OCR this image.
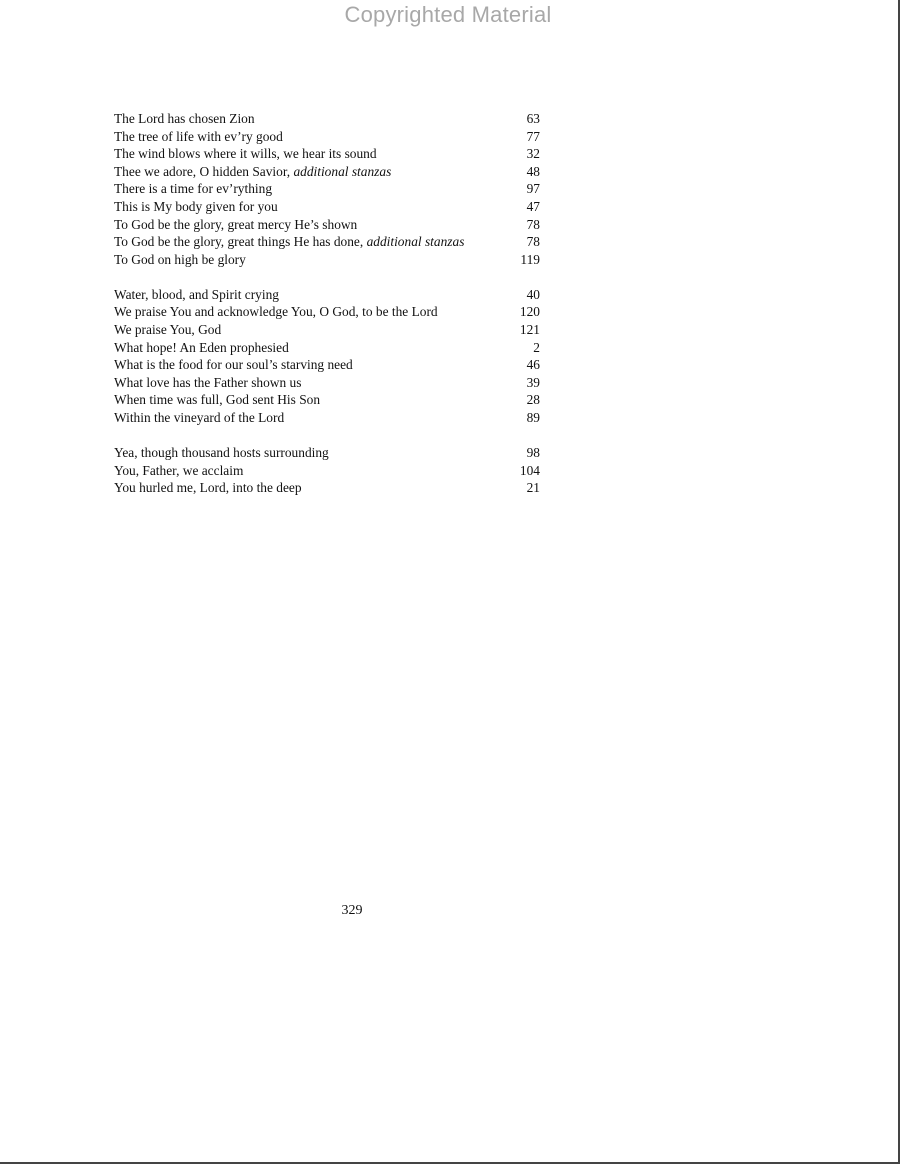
Copyrighted Material
The Lord has chosen Zion	63
The tree of life with ev’ry good	77
The wind blows where it wills, we hear its sound	32
Thee we adore, O hidden Savior, additional stanzas	48
There is a time for ev’rything	97
This is My body given for you	47
To God be the glory, great mercy He’s shown	78
To God be the glory, great things He has done, additional stanzas	78
To God on high be glory	119
Water, blood, and Spirit crying	40
We praise You and acknowledge You, O God, to be the Lord	120
We praise You, God	121
What hope! An Eden prophesied	2
What is the food for our soul’s starving need	46
What love has the Father shown us	39
When time was full, God sent His Son	28
Within the vineyard of the Lord	89
Yea, though thousand hosts surrounding	98
You, Father, we acclaim	104
You hurled me, Lord, into the deep	21
329
